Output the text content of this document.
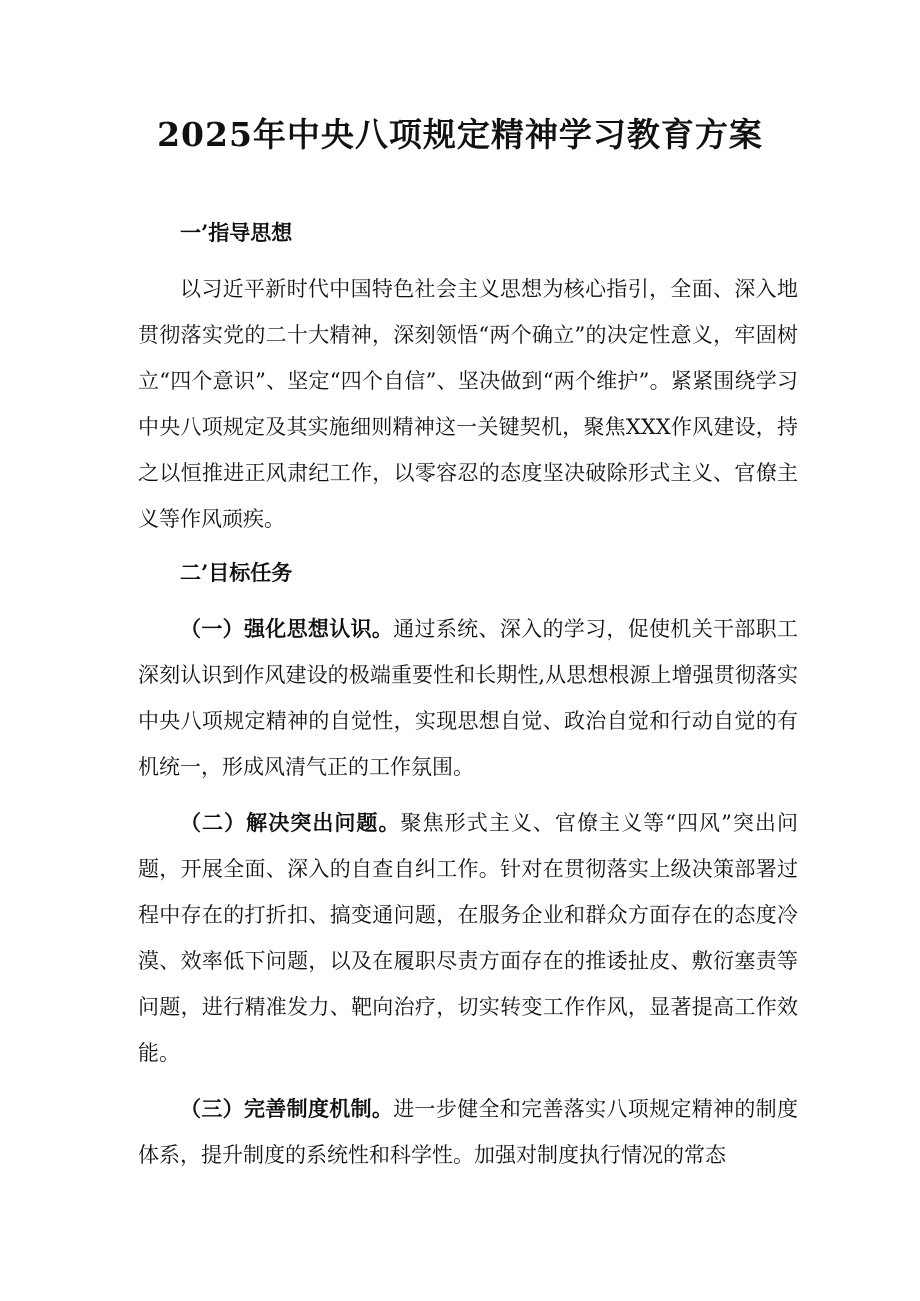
2025年中央八项规定精神学习教育方案
一’指导思想

以习近平新时代中国特色社会主义思想为核心指引，全面、深入地贯彻落实党的二十大精神，深刻领悟“两个确立”的决定性意义，牢固树立“四个意识”、坚定“四个自信”、坚决做到“两个维护”。紧紧围绕学习中央八项规定及其实施细则精神这一关键契机，聚焦XXX作风建设，持之以恒推进正风肃纪工作，以零容忍的态度坚决破除形式主义、官僚主义等作风顽疾。

二’目标任务

（一）强化思想认识。通过系统、深入的学习，促使机关干部职工深刻认识到作风建设的极端重要性和长期性,从思想根源上增强贯彻落实中央八项规定精神的自觉性，实现思想自觉、政治自觉和行动自觉的有机统一，形成风清气正的工作氛围。

（二）解决突出问题。聚焦形式主义、官僚主义等“四风”突出问题，开展全面、深入的自查自纠工作。针对在贯彻落实上级决策部署过程中存在的打折扣、搞变通问题，在服务企业和群众方面存在的态度冷漠、效率低下问题，以及在履职尽责方面存在的推诿扯皮、敷衍塞责等问题，进行精准发力、靶向治疗，切实转变工作作风，显著提高工作效能。

（三）完善制度机制。进一步健全和完善落实八项规定精神的制度体系，提升制度的系统性和科学性。加强对制度执行情况的常态
